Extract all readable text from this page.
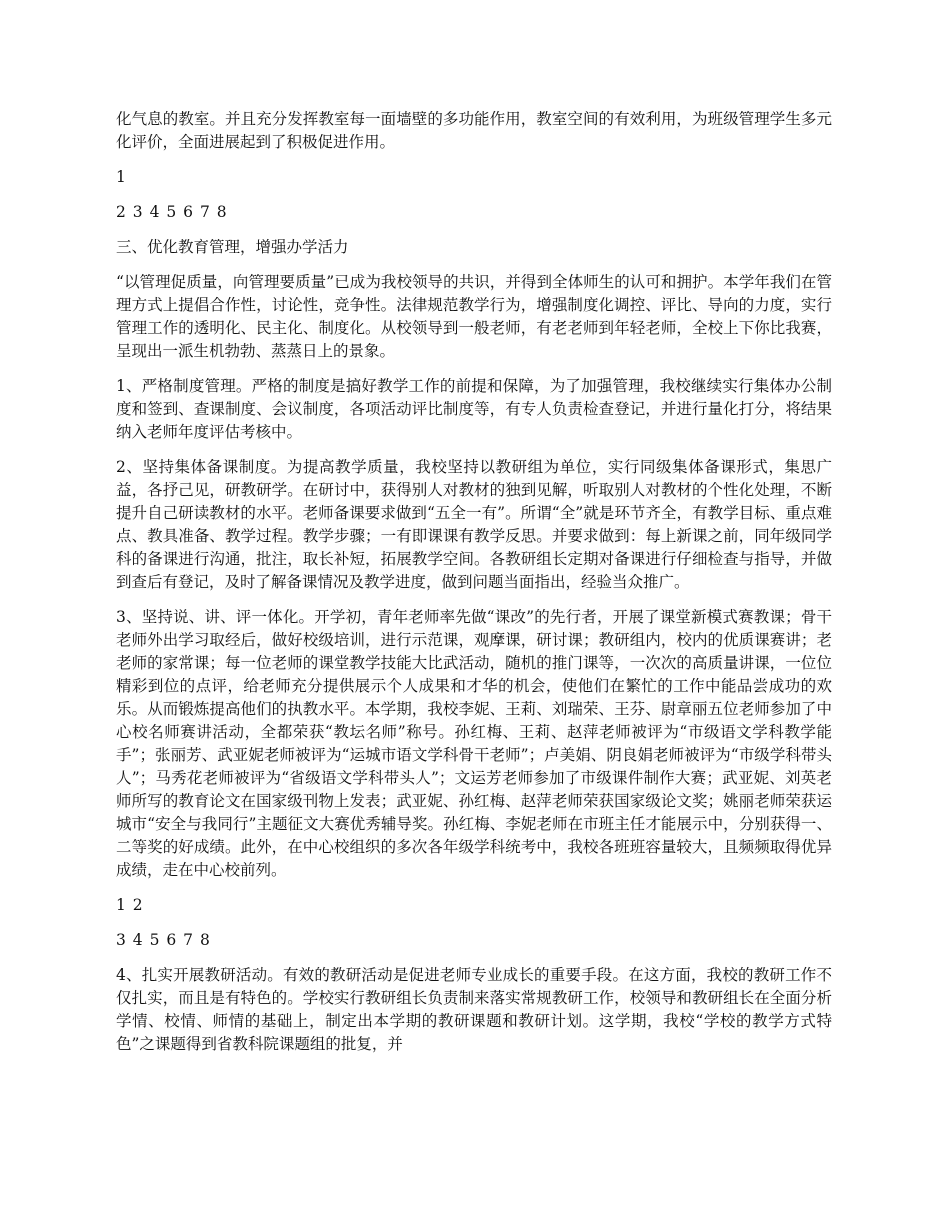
化气息的教室。并且充分发挥教室每一面墙壁的多功能作用，教室空间的有效利用，为班级管理学生多元化评价，全面进展起到了积极促进作用。

1

2 3 4 5 6 7 8

三、优化教育管理，增强办学活力

“以管理促质量，向管理要质量”已成为我校领导的共识，并得到全体师生的认可和拥护。本学年我们在管理方式上提倡合作性，讨论性，竞争性。法律规范教学行为，增强制度化调控、评比、导向的力度，实行管理工作的透明化、民主化、制度化。从校领导到一般老师，有老老师到年轻老师，全校上下你比我赛，呈现出一派生机勃勃、蒸蒸日上的景象。

1、严格制度管理。严格的制度是搞好教学工作的前提和保障，为了加强管理，我校继续实行集体办公制度和签到、查课制度、会议制度，各项活动评比制度等，有专人负责检查登记，并进行量化打分，将结果纳入老师年度评估考核中。

2、坚持集体备课制度。为提高教学质量，我校坚持以教研组为单位，实行同级集体备课形式，集思广益，各抒己见，研教研学。在研讨中，获得别人对教材的独到见解，听取别人对教材的个性化处理，不断提升自己研读教材的水平。老师备课要求做到“五全一有”。所谓“全”就是环节齐全，有教学目标、重点难点、教具准备、教学过程。教学步骤；一有即课课有教学反思。并要求做到：每上新课之前，同年级同学科的备课进行沟通，批注，取长补短，拓展教学空间。各教研组长定期对备课进行仔细检查与指导，并做到查后有登记，及时了解备课情况及教学进度，做到问题当面指出，经验当众推广。

3、坚持说、讲、评一体化。开学初，青年老师率先做“课改”的先行者，开展了课堂新模式赛教课；骨干老师外出学习取经后，做好校级培训，进行示范课，观摩课，研讨课；教研组内，校内的优质课赛讲；老老师的家常课；每一位老师的课堂教学技能大比武活动，随机的推门课等，一次次的高质量讲课，一位位精彩到位的点评，给老师充分提供展示个人成果和才华的机会，使他们在繁忙的工作中能品尝成功的欢乐。从而锻炼提高他们的执教水平。本学期，我校李妮、王莉、刘瑞荣、王芬、尉章丽五位老师参加了中心校名师赛讲活动，全都荣获“教坛名师”称号。孙红梅、王莉、赵萍老师被评为“市级语文学科教学能手”；张丽芳、武亚妮老师被评为“运城市语文学科骨干老师”；卢美娟、阴良娟老师被评为“市级学科带头人”；马秀花老师被评为“省级语文学科带头人”；文运芳老师参加了市级课件制作大赛；武亚妮、刘英老师所写的教育论文在国家级刊物上发表；武亚妮、孙红梅、赵萍老师荣获国家级论文奖；姚丽老师荣获运城市“安全与我同行”主题征文大赛优秀辅导奖。孙红梅、李妮老师在市班主任才能展示中，分别获得一、二等奖的好成绩。此外，在中心校组织的多次各年级学科统考中，我校各班班容量较大，且频频取得优异成绩，走在中心校前列。

1 2

3 4 5 6 7 8

4、扎实开展教研活动。有效的教研活动是促进老师专业成长的重要手段。在这方面，我校的教研工作不仅扎实，而且是有特色的。学校实行教研组长负责制来落实常规教研工作，校领导和教研组长在全面分析学情、校情、师情的基础上，制定出本学期的教研课题和教研计划。这学期，我校“学校的教学方式特色”之课题得到省教科院课题组的批复，并
